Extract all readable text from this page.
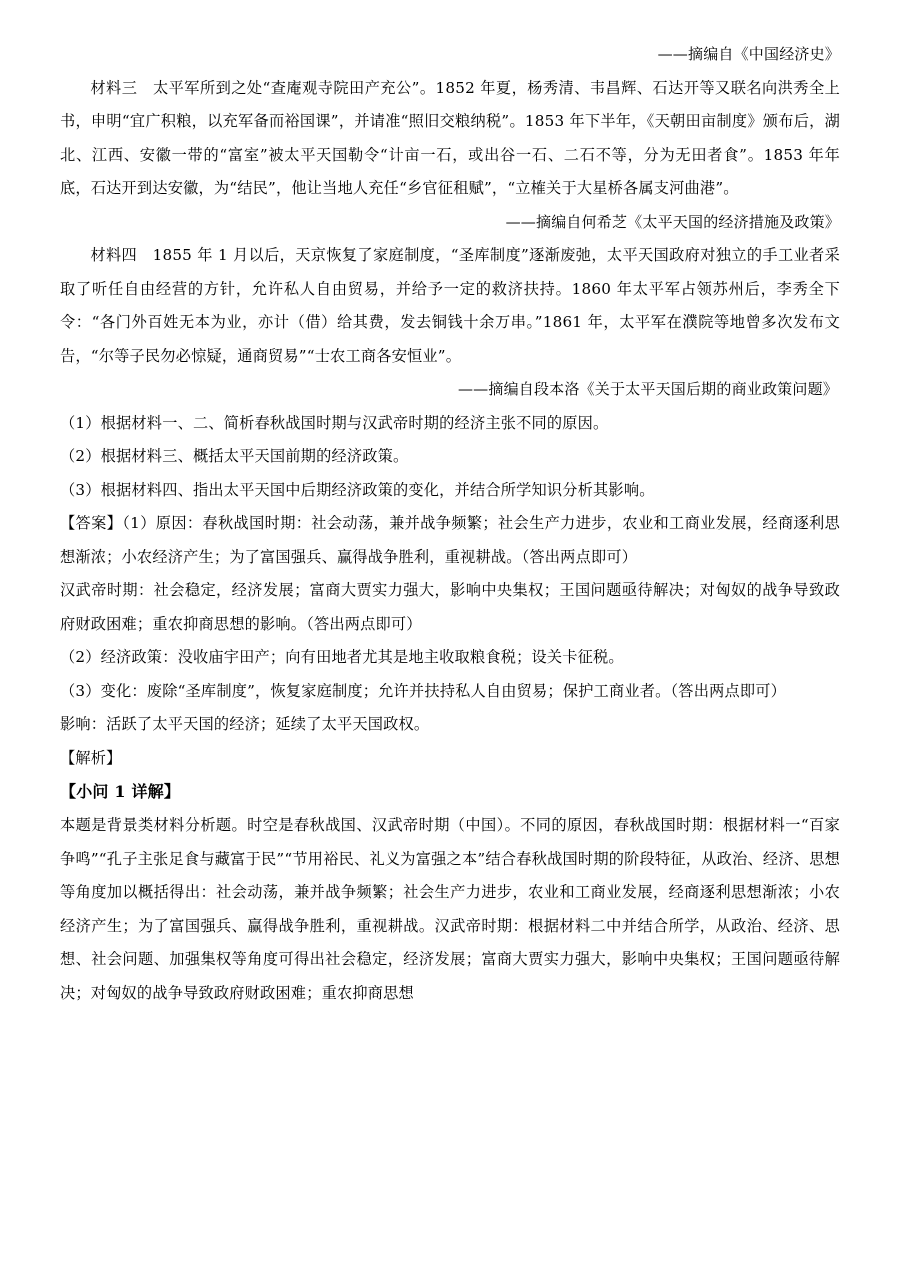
——摘编自《中国经济史》

材料三　太平军所到之处“查庵观寺院田产充公”。1852 年夏，杨秀清、韦昌辉、石达开等又联名向洪秀全上书，申明“宜广积粮，以充军备而裕国课”，并请准“照旧交粮纳税”。1853 年下半年，《天朝田亩制度》颁布后，湖北、江西、安徽一带的“富室”被太平天国勒令“计亩一石，或出谷一石、二石不等，分为无田者食”。1853 年年底，石达开到达安徽，为“结民”，他让当地人充任“乡官征租赋”，“立榷关于大星桥各属支河曲港”。

——摘编自何希芝《太平天国的经济措施及政策》

材料四　1855 年 1 月以后，天京恢复了家庭制度，“圣库制度”逐渐废弛，太平天国政府对独立的手工业者采取了听任自由经营的方针，允许私人自由贸易，并给予一定的救济扶持。1860 年太平军占领苏州后，李秀全下令：“各门外百姓无本为业，亦计（借）给其费，发去铜钱十余万串。”1861 年，太平军在濮院等地曾多次发布文告，“尔等子民勿必惊疑，通商贸易”“士农工商各安恒业”。

——摘编自段本洛《关于太平天国后期的商业政策问题》

（1）根据材料一、二、简析春秋战国时期与汉武帝时期的经济主张不同的原因。

（2）根据材料三、概括太平天国前期的经济政策。

（3）根据材料四、指出太平天国中后期经济政策的变化，并结合所学知识分析其影响。

【答案】（1）原因：春秋战国时期：社会动荡，兼并战争频繁；社会生产力进步，农业和工商业发展，经商逐利思想渐浓；小农经济产生；为了富国强兵、赢得战争胜利，重视耕战。（答出两点即可）

汉武帝时期：社会稳定，经济发展；富商大贾实力强大，影响中央集权；王国问题亟待解决；对匈奴的战争导致政府财政困难；重农抑商思想的影响。（答出两点即可）

（2）经济政策：没收庙宇田产；向有田地者尤其是地主收取粮食税；设关卡征税。

（3）变化：废除“圣库制度”，恢复家庭制度；允许并扶持私人自由贸易；保护工商业者。（答出两点即可）

影响：活跃了太平天国的经济；延续了太平天国政权。

【解析】

【小问 1 详解】

本题是背景类材料分析题。时空是春秋战国、汉武帝时期（中国）。不同的原因，春秋战国时期：根据材料一“百家争鸣”“孔子主张足食与藏富于民”“节用裕民、礼义为富强之本”结合春秋战国时期的阶段特征，从政治、经济、思想等角度加以概括得出：社会动荡，兼并战争频繁；社会生产力进步，农业和工商业发展，经商逐利思想渐浓；小农经济产生；为了富国强兵、赢得战争胜利，重视耕战。汉武帝时期：根据材料二中并结合所学，从政治、经济、思想、社会问题、加强集权等角度可得出社会稳定，经济发展；富商大贾实力强大，影响中央集权；王国问题亟待解决；对匈奴的战争导致政府财政困难；重农抑商思想
